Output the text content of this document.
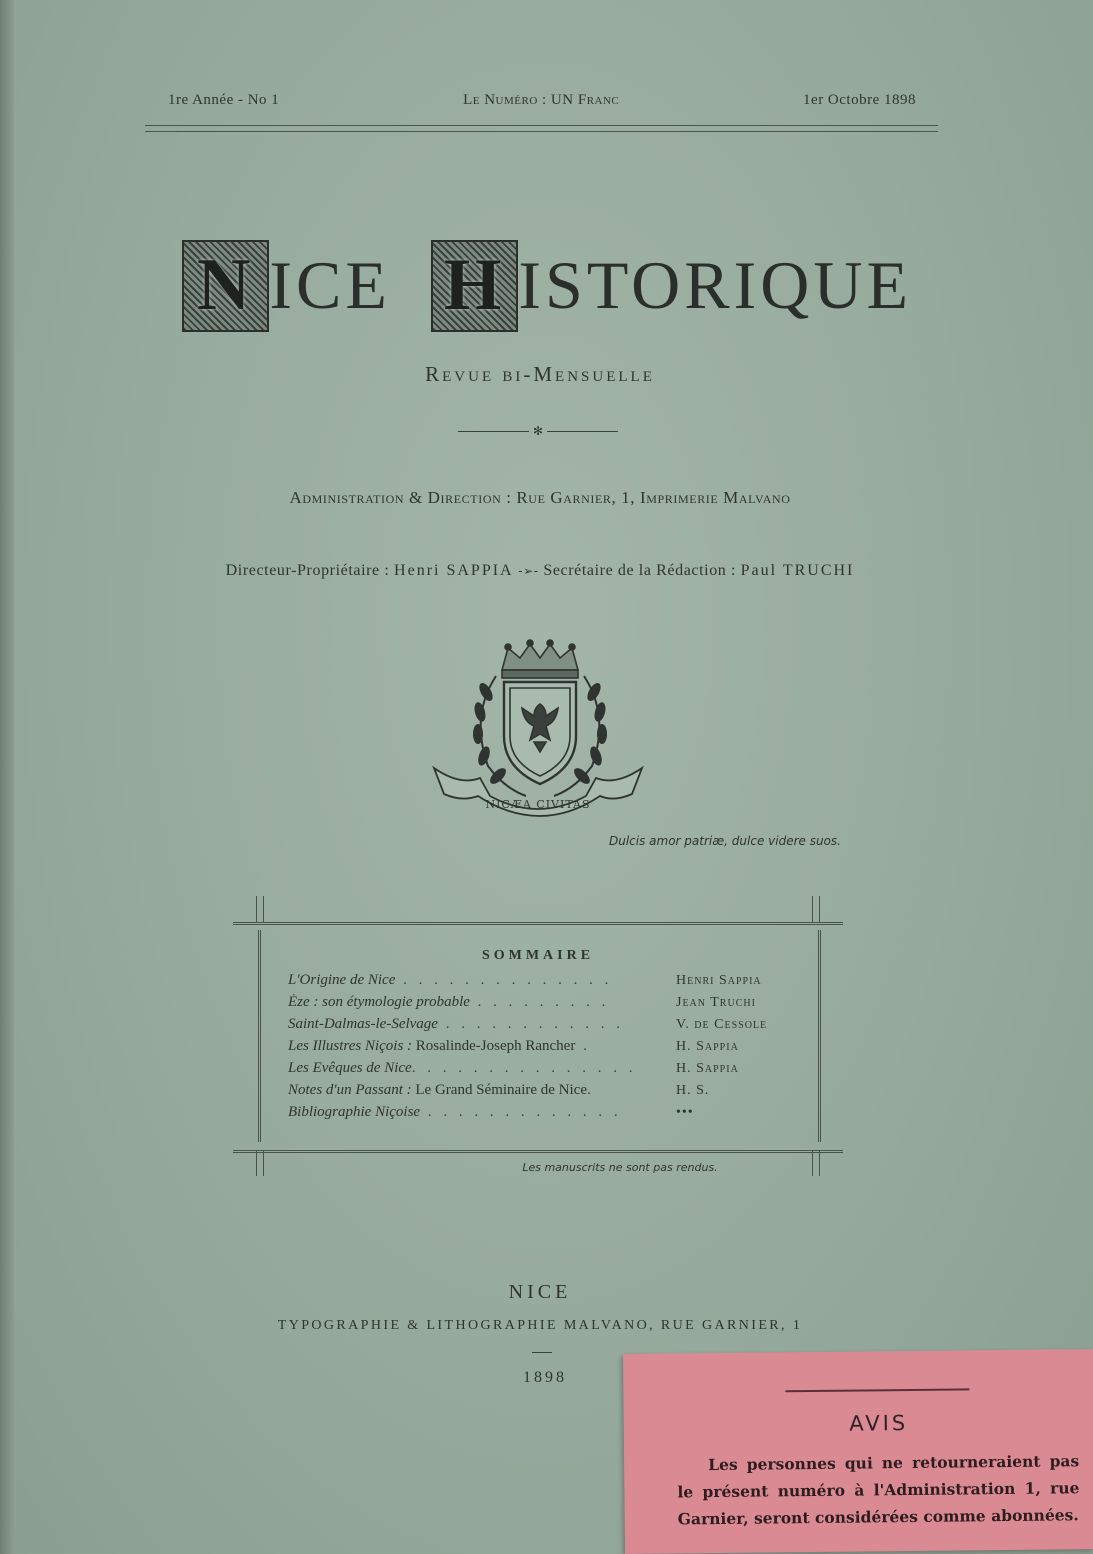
1re Année - No 1	Le Numéro : UN Franc	1er Octobre 1898
N ICE H ISTORIQUE
Revue bi-Mensuelle
✻
Administration & Direction : Rue Garnier, 1, Imprimerie Malvano
Directeur-Propriétaire : Henri SAPPIA -➢- Secrétaire de la Rédaction : Paul TRUCHI
NICÆA CIVITAS
Dulcis amor patriæ, dulce videre suos.
SOMMAIRE
L'Origine de Nice . . . . . . . . . . . . . .	Henri Sappia
Èze : son étymologie probable . . . . . . . . .	Jean Truchi
Saint-Dalmas-le-Selvage . . . . . . . . . . . .	V. de Cessole
Les Illustres Niçois : Rosalinde-Joseph Rancher .	H. Sappia
Les Evêques de Nice. . . . . . . . . . . . . . .	H. Sappia
Notes d'un Passant : Le Grand Séminaire de Nice.	H. S.
Bibliographie Niçoise . . . . . . . . . . . . .	•••
Les manuscrits ne sont pas rendus.
NICE
TYPOGRAPHIE & LITHOGRAPHIE MALVANO, RUE GARNIER, 1
1898
AVIS
Les personnes qui ne retourneraient pas le présent numéro à l'Administration 1, rue Garnier, seront considérées comme abonnées.
